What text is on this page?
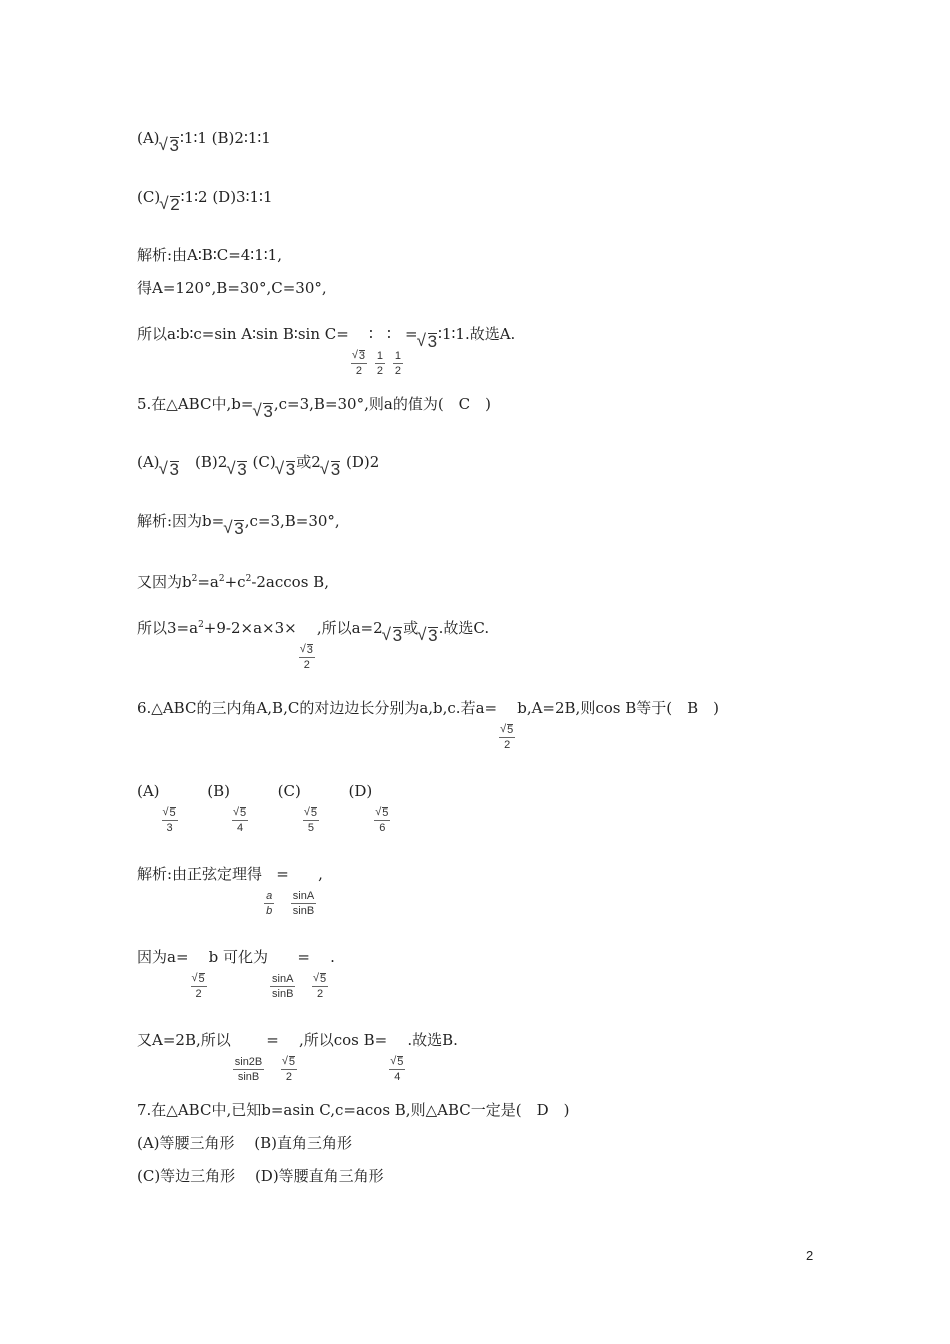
(A) √ 3∶1∶1 (B)2∶1∶1
(C) √ 2∶1∶2 (D)3∶1∶1
解析:由A∶B∶C=4∶1∶1,
得A=120°,B=30°,C=30°,
所以a∶b∶c=sin A∶sin B∶sin C=
√ $\frac{3}{2}$
∶
$\frac{1}{2}$
∶
$\frac{1}{2}$
= √ 3∶1∶1.故选A.
5.在△ABC中,b= √ 3,c=3,B=30°,则a的值为(　C　)
(A) √ 3　(B)2 √ 3 (C) √ 3或2 √ 3 (D)2
解析:因为b= √ 3,c=3,B=30°,
又因为$b^2=a^2+c^2-2accos$ B,
所以$3=a^2+9-2\times a\times 3\times$
√ $\frac{3}{2}$
,所以a=2 √ 3或 √ 3.故选C.
6.△ABC的三内角A,B,C的对边边长分别为a,b,c.若a=
√ $\frac{5}{2}$
b,A=2B,则cos B等于(　B　)
(A)
√ $\frac{5}{3}$
(B)
√ $\frac{5}{4}$
(C)
√ $\frac{5}{5}$
(D)
√ $\frac{5}{6}$
解析:由正弦定理得
$\frac{a}{b}$
=
$\frac{\sin A}{\sin B}$
,
因为a=
√ $\frac{5}{2}$
b 可化为
$\frac{\sin A}{\sin B}$
=
√ $\frac{5}{2}$
.
又A=2B,所以
$\frac{\sin 2B}{\sin B}$
=
√ $\frac{5}{2}$
,所以cos B=
√ $\frac{5}{4}$
.故选B.
7.在△ABC中,已知b=asin C,c=acos B,则△ABC一定是(　D　)
(A)等腰三角形　 (B)直角三角形
(C)等边三角形　 (D)等腰直角三角形
2
